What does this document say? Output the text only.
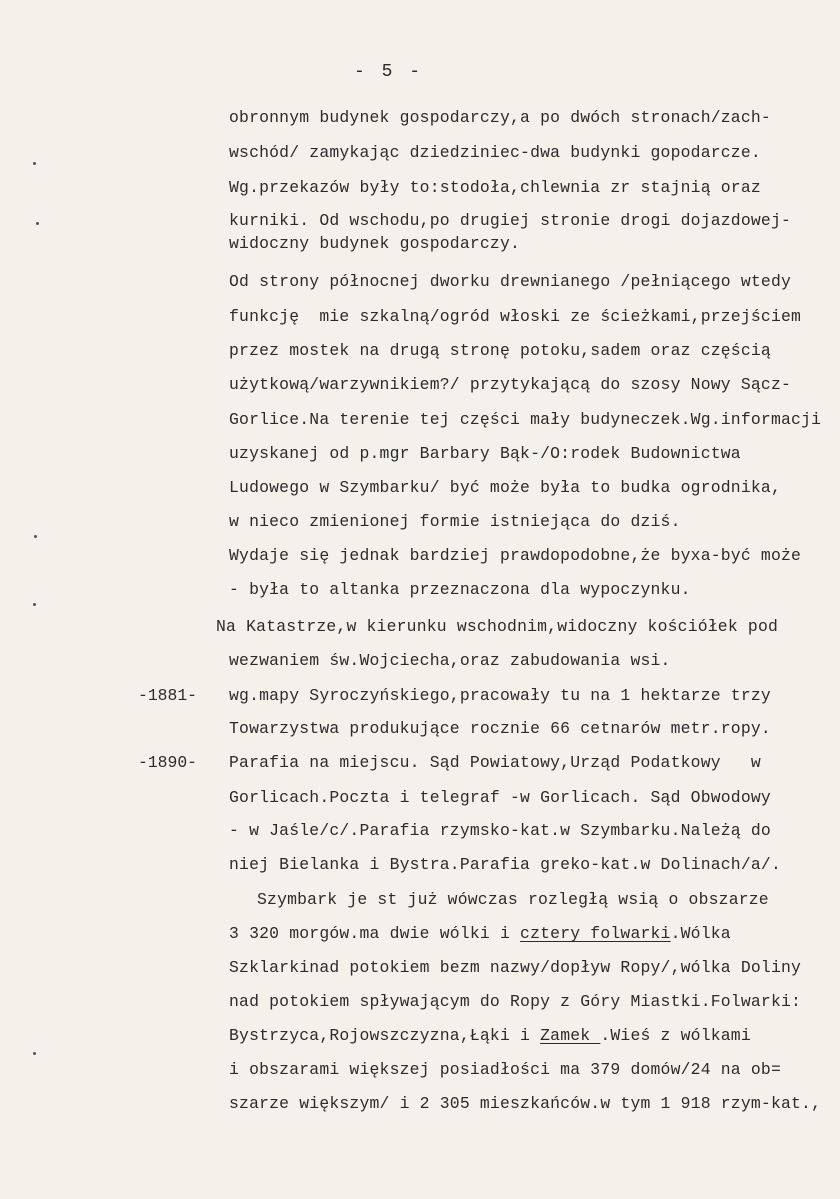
- 5 -
obronnym budynek gospodarczy,a po dwóch stronach/zach-
wschód/ zamykając dziedziniec-dwa budynki gopodarcze.
Wg.przekazów były to:stodoła,chlewnia zr stajnią oraz
kurniki. Od wschodu,po drugiej stronie drogi dojazdowej-
widoczny budynek gospodarczy.
Od strony północnej dworku drewnianego /pełniącego wtedy
funkcję  mie szkalną/ogród włoski ze ścieżkami,przejściem
przez mostek na drugą stronę potoku,sadem oraz częścią
użytkową/warzywnikiem?/ przytykającą do szosy Nowy Sącz-
Gorlice.Na terenie tej części mały budyneczek.Wg.informacji
uzyskanej od p.mgr Barbary Bąk-/O:rodek Budownictwa
Ludowego w Szymbarku/ być może była to budka ogrodnika,
w nieco zmienionej formie istniejąca do dziś.
Wydaje się jednak bardziej prawdopodobne,że byxa-być może
- była to altanka przeznaczona dla wypoczynku.
Na Katastrze,w kierunku wschodnim,widoczny kościółek pod
wezwaniem św.Wojciecha,oraz zabudowania wsi.
-1881- wg.mapy Syroczyńskiego,pracowały tu na 1 hektarze trzy
Towarzystwa produkujące rocznie 66 cetnarów metr.ropy.
-1890- Parafia na miejscu. Sąd Powiatowy,Urząd Podatkowy   w
Gorlicach.Poczta i telegraf -w Gorlicach. Sąd Obwodowy
- w Jaśle/c/.Parafia rzymsko-kat.w Szymbarku.Należą do
niej Bielanka i Bystra.Parafia greko-kat.w Dolinach/a/.
Szymbark je st już wówczas rozległą wsią o obszarze
3 320 morgów.ma dwie wólki i cztery folwarki.Wólka
Szklarkinad potokiem bezm nazwy/dopływ Ropy/,wólka Doliny
nad potokiem spływającym do Ropy z Góry Miastki.Folwarki:
Bystrzyca,Rojowszczyzna,Łąki i Zamek .Wieś z wólkami
i obszarami większej posiadłości ma 379 domów/24 na ob=
szarze większym/ i 2 305 mieszkańców.w tym 1 918 rzym-kat.,
